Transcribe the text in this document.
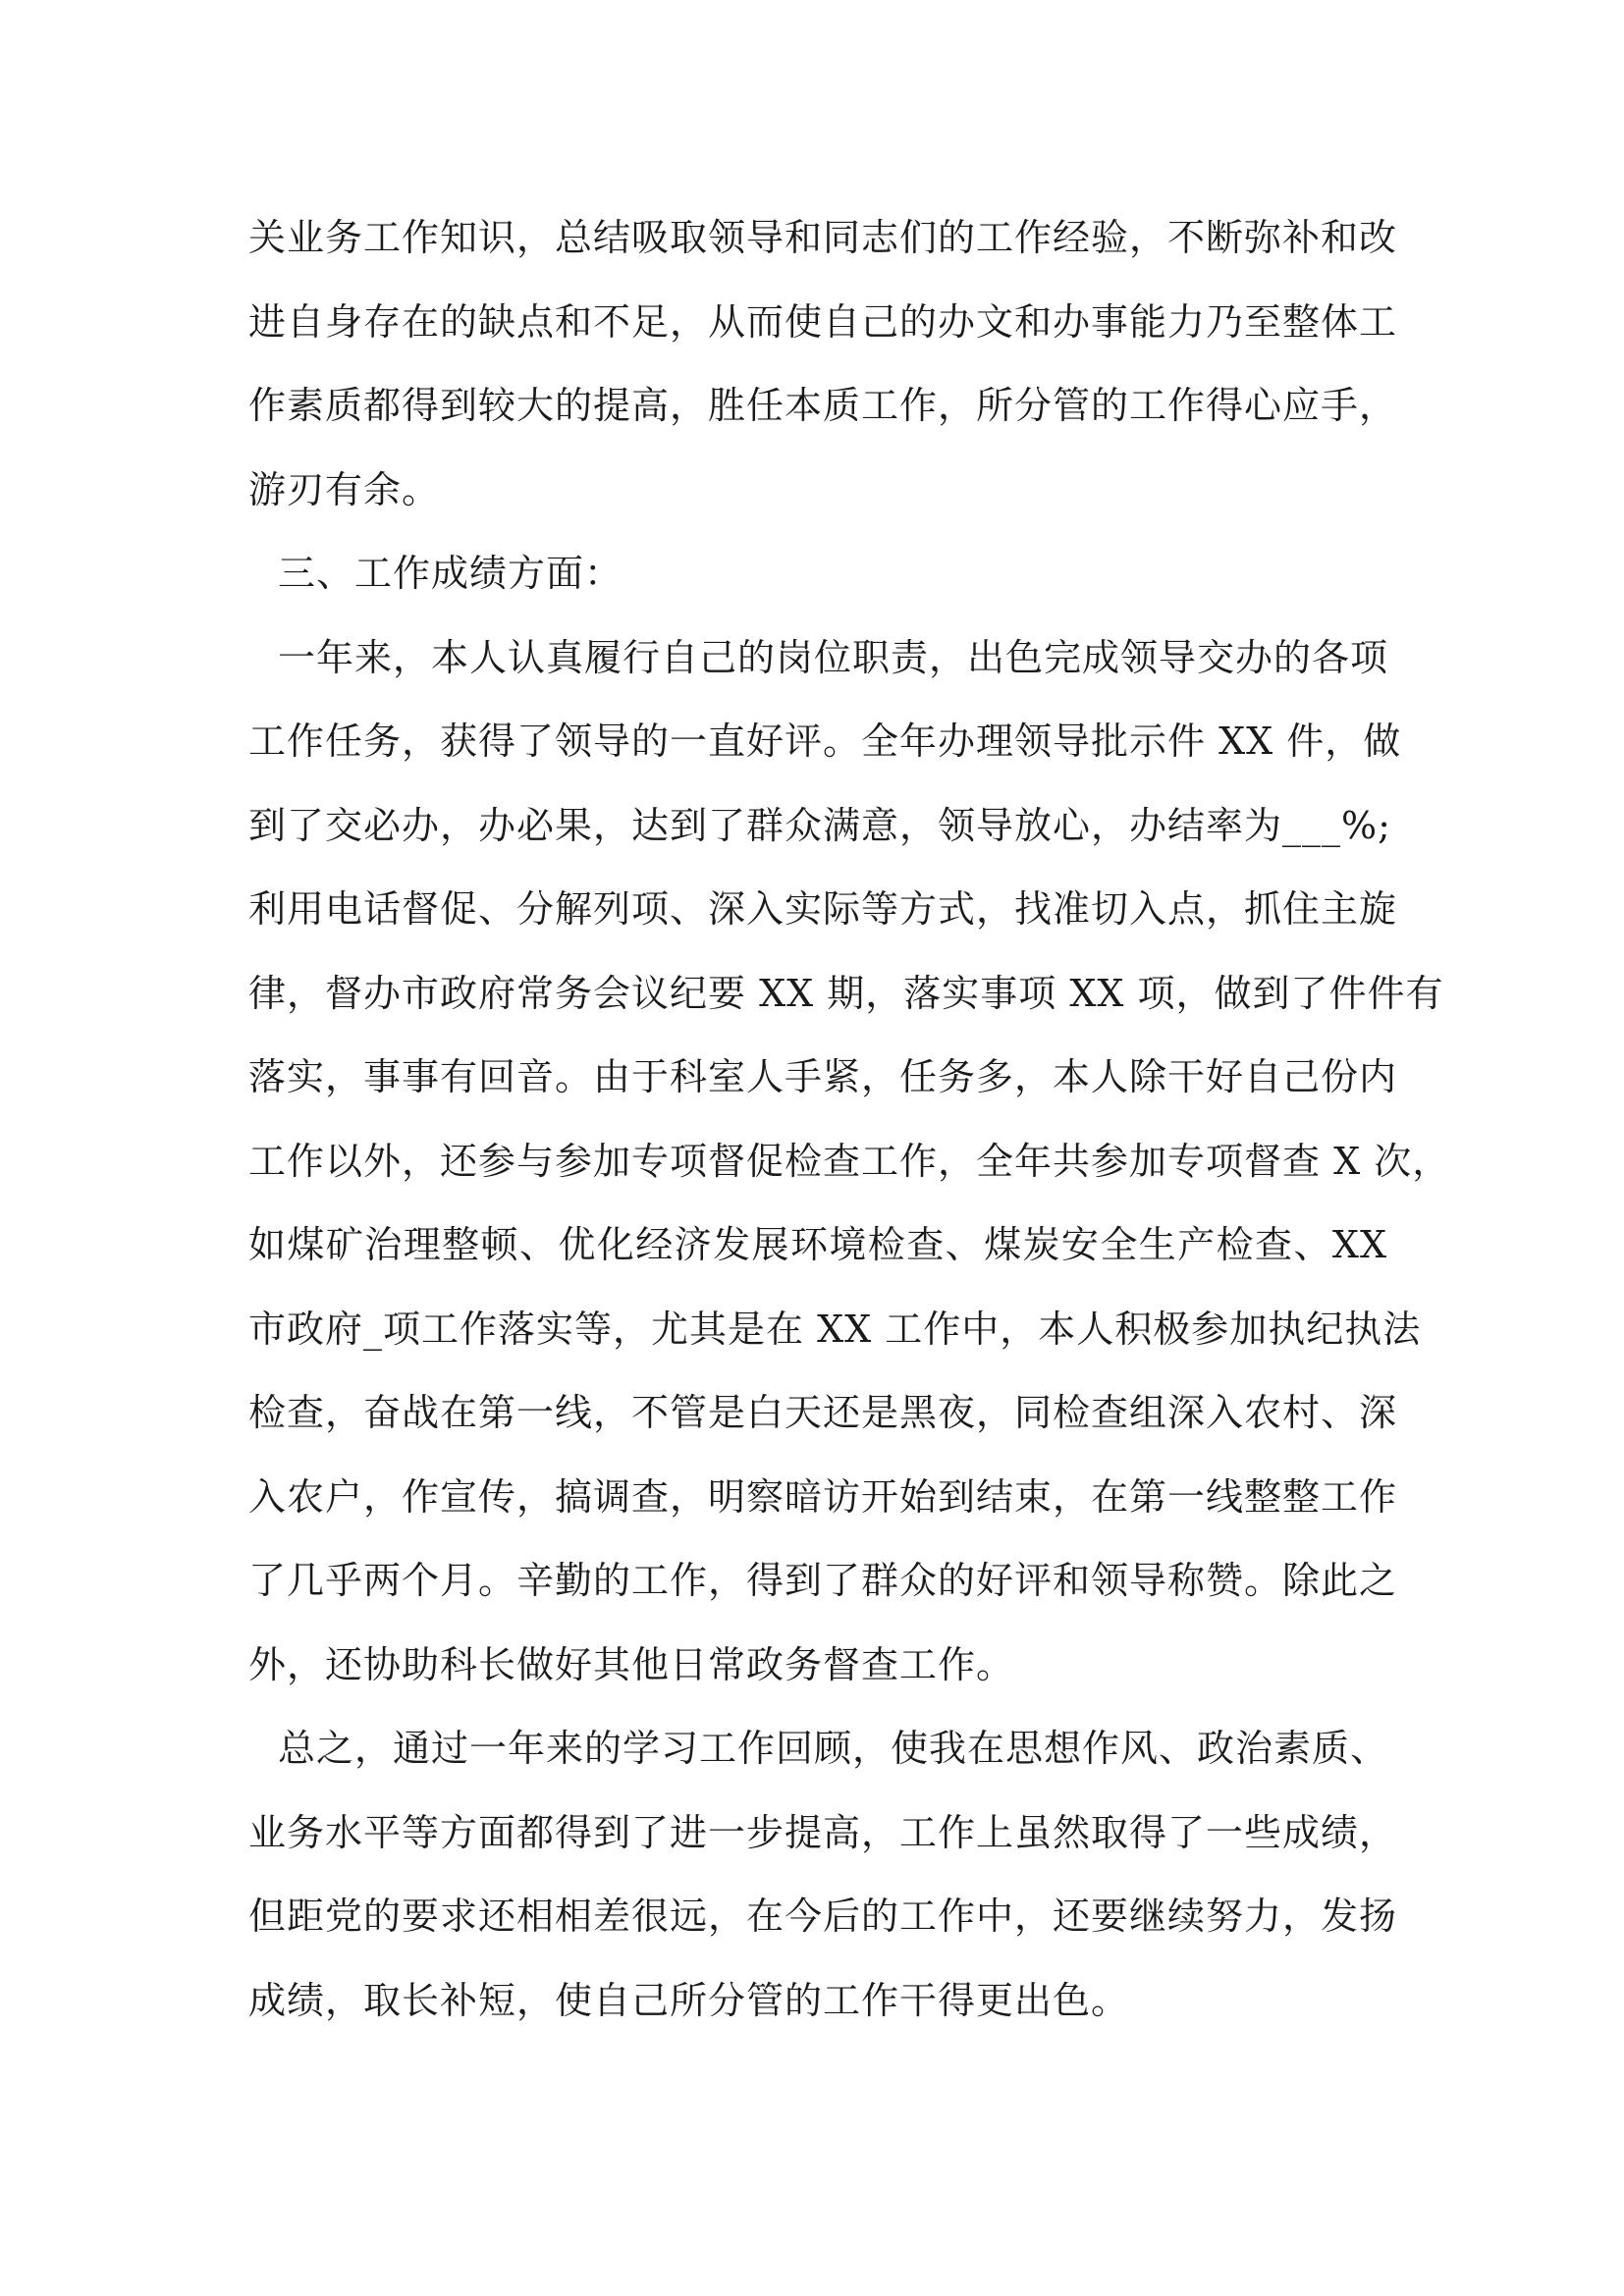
关业务工作知识，总结吸取领导和同志们的工作经验，不断弥补和改
进自身存在的缺点和不足，从而使自己的办文和办事能力乃至整体工
作素质都得到较大的提高，胜任本质工作，所分管的工作得心应手，
游刃有余。
三、工作成绩方面：
一年来，本人认真履行自己的岗位职责，出色完成领导交办的各项
工作任务，获得了领导的一直好评。全年办理领导批示件 XX 件，做
到了交必办，办必果，达到了群众满意，领导放心，办结率为___%;
利用电话督促、分解列项、深入实际等方式，找准切入点，抓住主旋
律，督办市政府常务会议纪要 XX 期，落实事项 XX 项，做到了件件有
落实，事事有回音。由于科室人手紧，任务多，本人除干好自己份内
工作以外，还参与参加专项督促检查工作，全年共参加专项督查 X 次，
如煤矿治理整顿、优化经济发展环境检查、煤炭安全生产检查、XX
市政府_项工作落实等，尤其是在 XX 工作中，本人积极参加执纪执法
检查，奋战在第一线，不管是白天还是黑夜，同检查组深入农村、深
入农户，作宣传，搞调查，明察暗访开始到结束，在第一线整整工作
了几乎两个月。辛勤的工作，得到了群众的好评和领导称赞。除此之
外，还协助科长做好其他日常政务督查工作。
总之，通过一年来的学习工作回顾，使我在思想作风、政治素质、
业务水平等方面都得到了进一步提高，工作上虽然取得了一些成绩，
但距党的要求还相相差很远，在今后的工作中，还要继续努力，发扬
成绩，取长补短，使自己所分管的工作干得更出色。
